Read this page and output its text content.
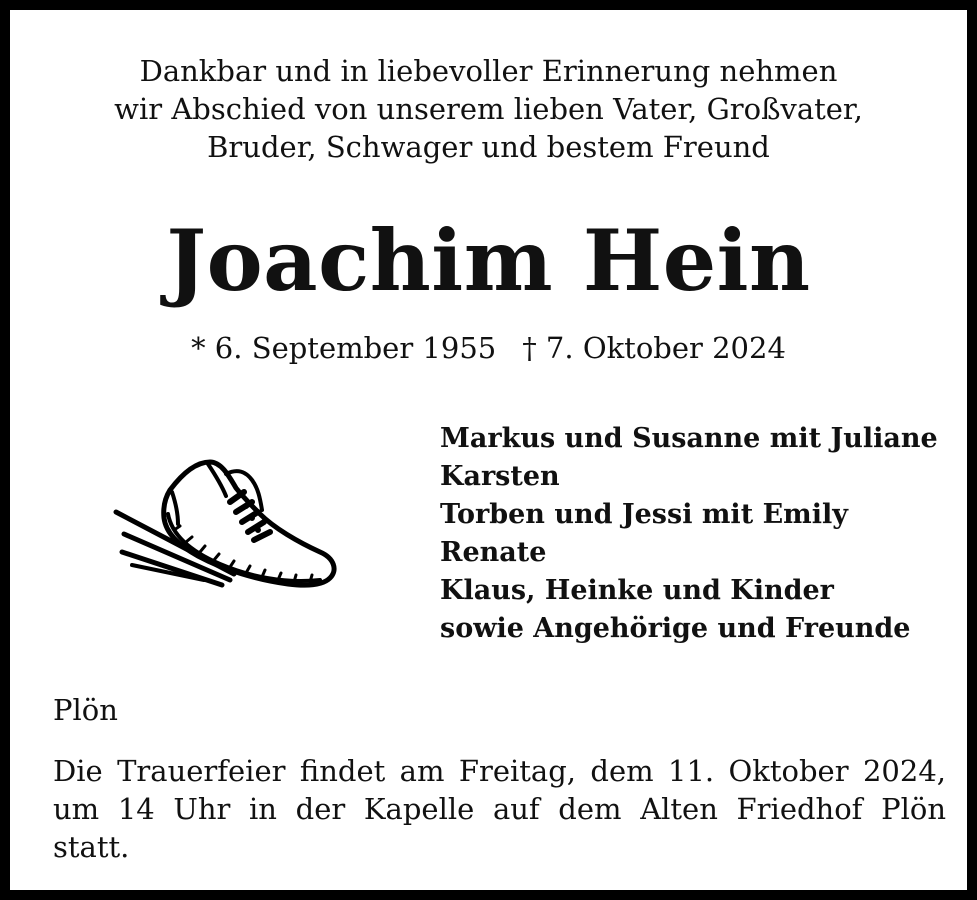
Dankbar und in liebevoller Erinnerung nehmen
wir Abschied von unserem lieben Vater, Großvater,
Bruder, Schwager und bestem Freund
Joachim Hein
* 6. September 1955 † 7. Oktober 2024
Markus und Susanne mit Juliane
Karsten
Torben und Jessi mit Emily
Renate
Klaus, Heinke und Kinder
sowie Angehörige und Freunde
Plön
Die Trauerfeier findet am Freitag, dem 11. Oktober 2024,
um 14 Uhr in der Kapelle auf dem Alten Friedhof Plön
statt.
